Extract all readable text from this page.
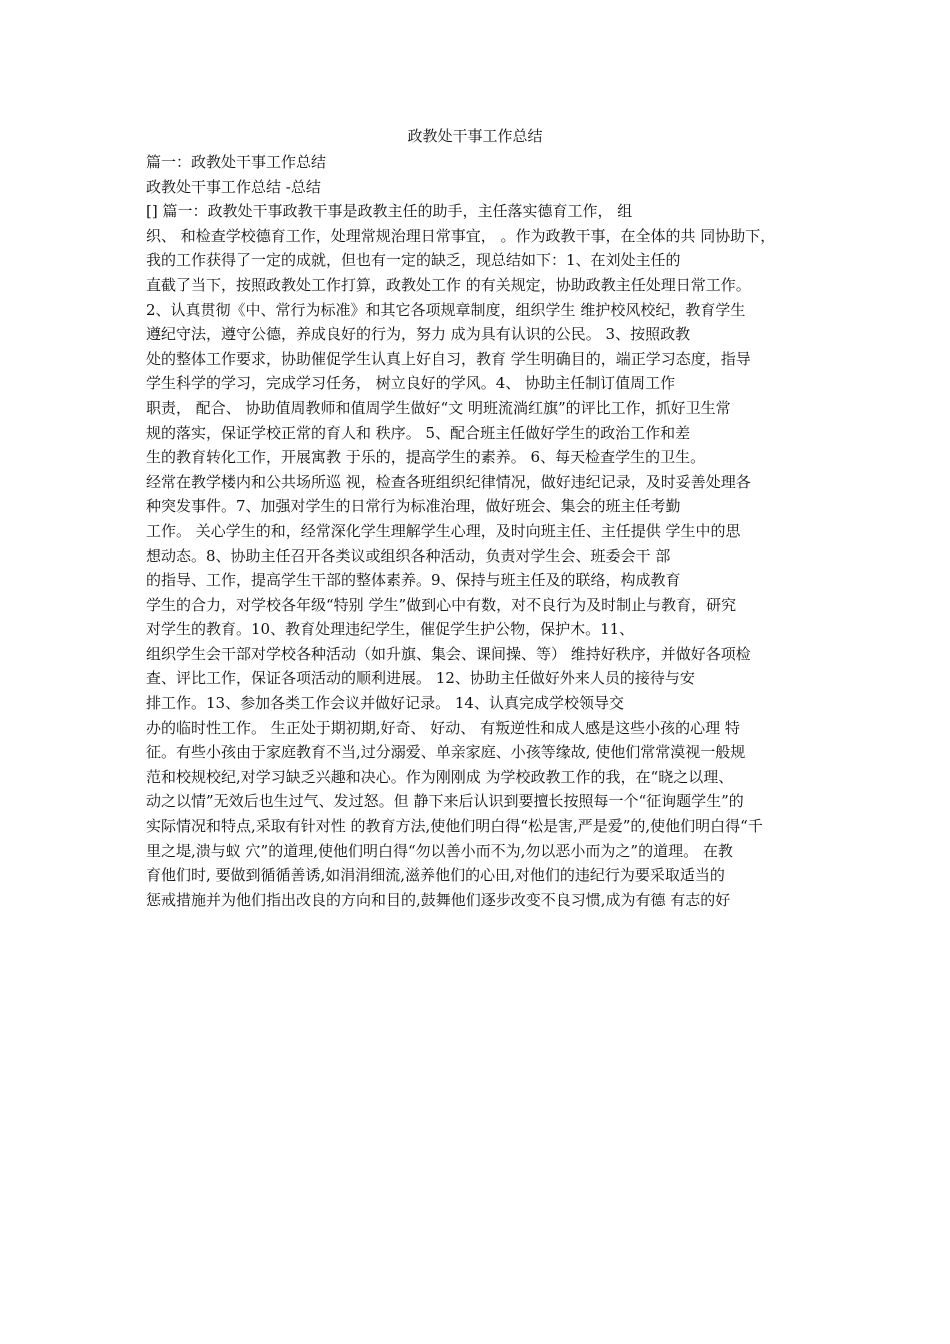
政教处干事工作总结

篇一：政教处干事工作总结

政教处干事工作总结 -总结

[] 篇一：政教处干事政教干事是政教主任的助手，主任落实德育工作， 组

织、 和检查学校德育工作，处理常规治理日常事宜， 。作为政教干事，在全体的共 同协助下，

我的工作获得了一定的成就，但也有一定的缺乏，现总结如下：1、在刘处主任的

直截了当下，按照政教处工作打算，政教处工作 的有关规定，协助政教主任处理日常工作。

2、认真贯彻《中、常行为标准》和其它各项规章制度，组织学生 维护校风校纪，教育学生

遵纪守法，遵守公德，养成良好的行为，努力 成为具有认识的公民。 3、按照政教

处的整体工作要求，协助催促学生认真上好自习，教育 学生明确目的，端正学习态度，指导

学生科学的学习，完成学习任务， 树立良好的学风。4、 协助主任制订值周工作

职责， 配合、 协助值周教师和值周学生做好“文 明班流淌红旗”的评比工作，抓好卫生常

规的落实，保证学校正常的育人和 秩序。 5、配合班主任做好学生的政治工作和差

生的教育转化工作，开展寓教 于乐的，提高学生的素养。 6、每天检查学生的卫生。

经常在教学楼内和公共场所巡 视，检查各班组织纪律情况，做好违纪记录，及时妥善处理各

种突发事件。7、加强对学生的日常行为标准治理，做好班会、集会的班主任考勤

工作。 关心学生的和，经常深化学生理解学生心理，及时向班主任、主任提供 学生中的思

想动态。8、协助主任召开各类议或组织各种活动，负责对学生会、班委会干 部

的指导、工作，提高学生干部的整体素养。9、保持与班主任及的联络，构成教育

学生的合力，对学校各年级“特别 学生”做到心中有数，对不良行为及时制止与教育，研究

对学生的教育。10、教育处理违纪学生，催促学生护公物，保护木。11、

组织学生会干部对学校各种活动（如升旗、集会、课间操、等） 维持好秩序，并做好各项检

查、评比工作，保证各项活动的顺利进展。 12、协助主任做好外来人员的接待与安

排工作。13、参加各类工作会议并做好记录。 14、认真完成学校领导交

办的临时性工作。 生正处于期初期,好奇、 好动、 有叛逆性和成人感是这些小孩的心理 特

征。有些小孩由于家庭教育不当,过分溺爱、单亲家庭、小孩等缘故, 使他们常常漠视一般规

范和校规校纪,对学习缺乏兴趣和决心。作为刚刚成 为学校政教工作的我，在“晓之以理、

动之以情”无效后也生过气、发过怒。但 静下来后认识到要擅长按照每一个“征询题学生”的

实际情况和特点,采取有针对性 的教育方法,使他们明白得“松是害,严是爱”的,使他们明白得“千

里之堤,溃与蚁 穴”的道理,使他们明白得“勿以善小而不为,勿以恶小而为之”的道理。 在教

育他们时, 要做到循循善诱,如涓涓细流,滋养他们的心田,对他们的违纪行为要采取适当的

惩戒措施并为他们指出改良的方向和目的,鼓舞他们逐步改变不良习惯,成为有德 有志的好
